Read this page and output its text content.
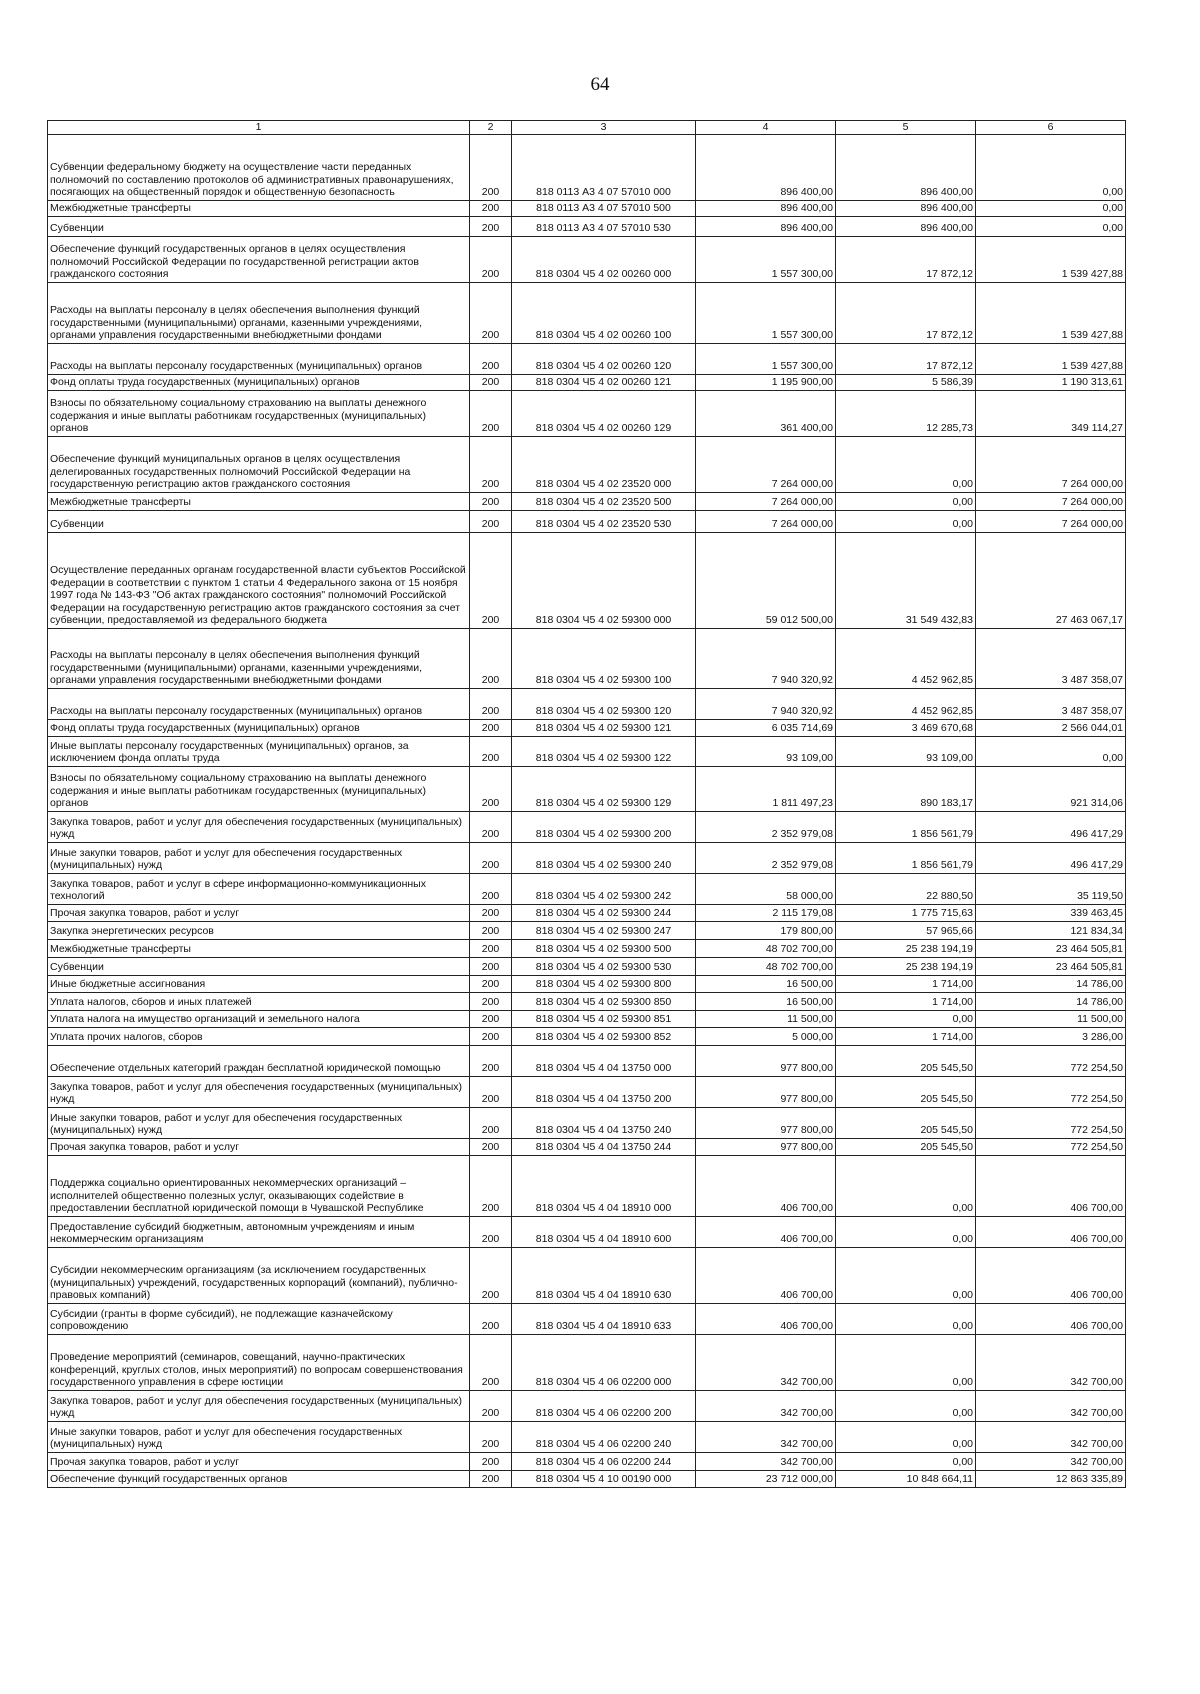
64
1	2	3	4	5	6
Субвенции федеральному бюджету на осуществление части переданных полномочий по составлению протоколов об административных правонарушениях, посягающих на общественный порядок и общественную безопасность	200	818 0113 А3 4 07 57010 000	896 400,00	896 400,00	0,00
Межбюджетные трансферты	200	818 0113 А3 4 07 57010 500	896 400,00	896 400,00	0,00
Субвенции	200	818 0113 А3 4 07 57010 530	896 400,00	896 400,00	0,00
Обеспечение функций государственных органов в целях осуществления полномочий Российской Федерации по государственной регистрации актов гражданского состояния	200	818 0304 Ч5 4 02 00260 000	1 557 300,00	17 872,12	1 539 427,88
Расходы на выплаты персоналу в целях обеспечения выполнения функций государственными (муниципальными) органами, казенными учреждениями, органами управления государственными внебюджетными фондами	200	818 0304 Ч5 4 02 00260 100	1 557 300,00	17 872,12	1 539 427,88
Расходы на выплаты персоналу государственных (муниципальных) органов	200	818 0304 Ч5 4 02 00260 120	1 557 300,00	17 872,12	1 539 427,88
Фонд оплаты труда государственных (муниципальных) органов	200	818 0304 Ч5 4 02 00260 121	1 195 900,00	5 586,39	1 190 313,61
Взносы по обязательному социальному страхованию на выплаты денежного содержания и иные выплаты работникам государственных (муниципальных) органов	200	818 0304 Ч5 4 02 00260 129	361 400,00	12 285,73	349 114,27
Обеспечение функций муниципальных органов в целях осуществления делегированных государственных полномочий Российской Федерации на государственную регистрацию актов гражданского состояния	200	818 0304 Ч5 4 02 23520 000	7 264 000,00	0,00	7 264 000,00
Межбюджетные трансферты	200	818 0304 Ч5 4 02 23520 500	7 264 000,00	0,00	7 264 000,00
Субвенции	200	818 0304 Ч5 4 02 23520 530	7 264 000,00	0,00	7 264 000,00
Осуществление переданных органам государственной власти субъектов Российской Федерации в соответствии с пунктом 1 статьи 4 Федерального закона от 15 ноября 1997 года № 143-ФЗ "Об актах гражданского состояния" полномочий Российской Федерации на государственную регистрацию актов гражданского состояния за счет субвенции, предоставляемой из федерального бюджета	200	818 0304 Ч5 4 02 59300 000	59 012 500,00	31 549 432,83	27 463 067,17
Расходы на выплаты персоналу в целях обеспечения выполнения функций государственными (муниципальными) органами, казенными учреждениями, органами управления государственными внебюджетными фондами	200	818 0304 Ч5 4 02 59300 100	7 940 320,92	4 452 962,85	3 487 358,07
Расходы на выплаты персоналу государственных (муниципальных) органов	200	818 0304 Ч5 4 02 59300 120	7 940 320,92	4 452 962,85	3 487 358,07
Фонд оплаты труда государственных (муниципальных) органов	200	818 0304 Ч5 4 02 59300 121	6 035 714,69	3 469 670,68	2 566 044,01
Иные выплаты персоналу государственных (муниципальных) органов, за исключением фонда оплаты труда	200	818 0304 Ч5 4 02 59300 122	93 109,00	93 109,00	0,00
Взносы по обязательному социальному страхованию на выплаты денежного содержания и иные выплаты работникам государственных (муниципальных) органов	200	818 0304 Ч5 4 02 59300 129	1 811 497,23	890 183,17	921 314,06
Закупка товаров, работ и услуг для обеспечения государственных (муниципальных) нужд	200	818 0304 Ч5 4 02 59300 200	2 352 979,08	1 856 561,79	496 417,29
Иные закупки товаров, работ и услуг для обеспечения государственных (муниципальных) нужд	200	818 0304 Ч5 4 02 59300 240	2 352 979,08	1 856 561,79	496 417,29
Закупка товаров, работ и услуг в сфере информационно-коммуникационных технологий	200	818 0304 Ч5 4 02 59300 242	58 000,00	22 880,50	35 119,50
Прочая закупка товаров, работ и услуг	200	818 0304 Ч5 4 02 59300 244	2 115 179,08	1 775 715,63	339 463,45
Закупка энергетических ресурсов	200	818 0304 Ч5 4 02 59300 247	179 800,00	57 965,66	121 834,34
Межбюджетные трансферты	200	818 0304 Ч5 4 02 59300 500	48 702 700,00	25 238 194,19	23 464 505,81
Субвенции	200	818 0304 Ч5 4 02 59300 530	48 702 700,00	25 238 194,19	23 464 505,81
Иные бюджетные ассигнования	200	818 0304 Ч5 4 02 59300 800	16 500,00	1 714,00	14 786,00
Уплата налогов, сборов и иных платежей	200	818 0304 Ч5 4 02 59300 850	16 500,00	1 714,00	14 786,00
Уплата налога на имущество организаций и земельного налога	200	818 0304 Ч5 4 02 59300 851	11 500,00	0,00	11 500,00
Уплата прочих налогов, сборов	200	818 0304 Ч5 4 02 59300 852	5 000,00	1 714,00	3 286,00
Обеспечение отдельных категорий граждан бесплатной юридической помощью	200	818 0304 Ч5 4 04 13750 000	977 800,00	205 545,50	772 254,50
Закупка товаров, работ и услуг для обеспечения государственных (муниципальных) нужд	200	818 0304 Ч5 4 04 13750 200	977 800,00	205 545,50	772 254,50
Иные закупки товаров, работ и услуг для обеспечения государственных (муниципальных) нужд	200	818 0304 Ч5 4 04 13750 240	977 800,00	205 545,50	772 254,50
Прочая закупка товаров, работ и услуг	200	818 0304 Ч5 4 04 13750 244	977 800,00	205 545,50	772 254,50
Поддержка социально ориентированных некоммерческих организаций – исполнителей общественно полезных услуг, оказывающих содействие в предоставлении бесплатной юридической помощи в Чувашской Республике	200	818 0304 Ч5 4 04 18910 000	406 700,00	0,00	406 700,00
Предоставление субсидий бюджетным, автономным учреждениям и иным некоммерческим организациям	200	818 0304 Ч5 4 04 18910 600	406 700,00	0,00	406 700,00
Субсидии некоммерческим организациям (за исключением государственных (муниципальных) учреждений, государственных корпораций (компаний), публично-правовых компаний)	200	818 0304 Ч5 4 04 18910 630	406 700,00	0,00	406 700,00
Субсидии (гранты в форме субсидий), не подлежащие казначейскому сопровождению	200	818 0304 Ч5 4 04 18910 633	406 700,00	0,00	406 700,00
Проведение мероприятий (семинаров, совещаний, научно-практических конференций, круглых столов, иных мероприятий) по вопросам совершенствования государственного управления в сфере юстиции	200	818 0304 Ч5 4 06 02200 000	342 700,00	0,00	342 700,00
Закупка товаров, работ и услуг для обеспечения государственных (муниципальных) нужд	200	818 0304 Ч5 4 06 02200 200	342 700,00	0,00	342 700,00
Иные закупки товаров, работ и услуг для обеспечения государственных (муниципальных) нужд	200	818 0304 Ч5 4 06 02200 240	342 700,00	0,00	342 700,00
Прочая закупка товаров, работ и услуг	200	818 0304 Ч5 4 06 02200 244	342 700,00	0,00	342 700,00
Обеспечение функций государственных органов	200	818 0304 Ч5 4 10 00190 000	23 712 000,00	10 848 664,11	12 863 335,89
